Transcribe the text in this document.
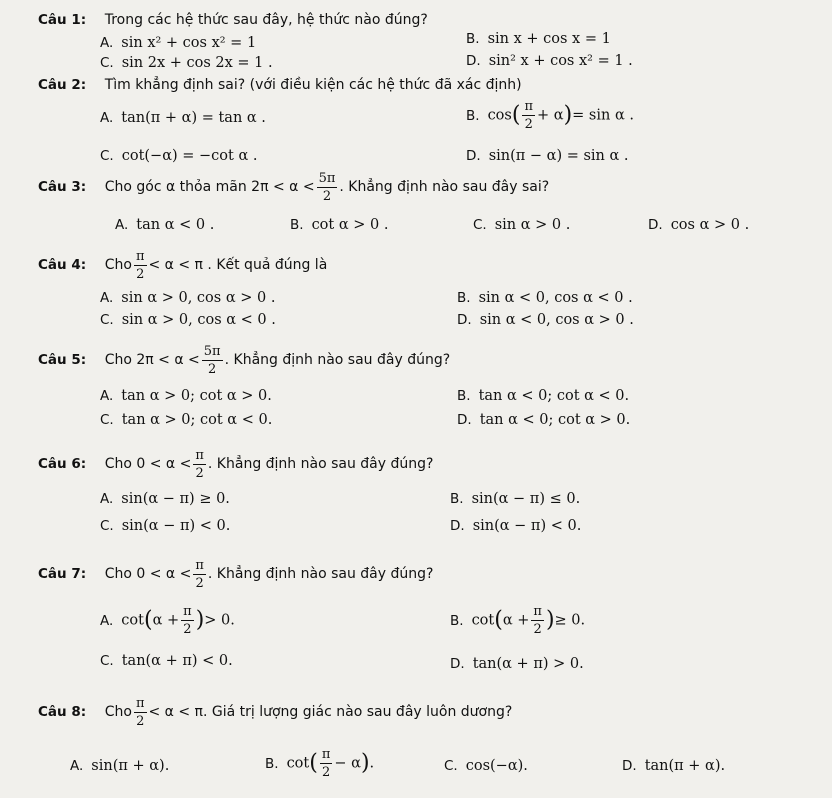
Câu 1: Trong các hệ thức sau đây, hệ thức nào đúng?
A. sin x² + cos x² = 1	B. sin x + cos x = 1
C. sin 2x + cos 2x = 1 .	D. sin² x + cos x² = 1 .
Câu 2: Tìm khẳng định sai? (với điều kiện các hệ thức đã xác định)
A. tan(π + α) = tan α .	B. $\cos( \frac{\pi}{2} + \alpha)= \sin \alpha$ .
C. cot(−α) = −cot α .	D. sin(π − α) = sin α .
Câu 3: Cho góc α thỏa mãn $2\pi < \alpha < \frac{5\pi}{2}$ . Khẳng định nào sau đây sai?
A. tan α < 0 .	B. cot α > 0 .	C. sin α > 0 .	D. cos α > 0 .
Câu 4: Cho $\frac{\pi}{2} < \alpha < \pi$ . Kết quả đúng là
A. sin α > 0, cos α > 0 .	B. sin α < 0, cos α < 0 .
C. sin α > 0, cos α < 0 .	D. sin α < 0, cos α > 0 .
Câu 5: Cho $2\pi < \alpha < \frac{5\pi}{2}$ . Khẳng định nào sau đây đúng?
A. tan α > 0; cot α > 0.	B. tan α < 0; cot α < 0.
C. tan α > 0; cot α < 0.	D. tan α < 0; cot α > 0.
Câu 6: Cho $0 < \alpha < \frac{\pi}{2}$ . Khẳng định nào sau đây đúng?
A. sin(α − π) ≥ 0.	B. sin(α − π) ≤ 0.
C. sin(α − π) < 0.	D. sin(α − π) < 0.
Câu 7: Cho $0 < \alpha < \frac{\pi}{2}$ . Khẳng định nào sau đây đúng?
A. $\cot(\alpha + \frac{\pi}{2}$ )> 0.	B. $\cot(\alpha + \frac{\pi}{2}$ )≥ 0.
C. tan(α + π) < 0.	D. tan(α + π) > 0.
Câu 8: Cho $\frac{\pi}{2} < \alpha < \pi$. Giá trị lượng giác nào sau đây luôn dương?
A. sin(π + α).	B. $\cot( \frac{\pi}{2} - \alpha)$.	C. cos(−α).	D. tan(π + α).
